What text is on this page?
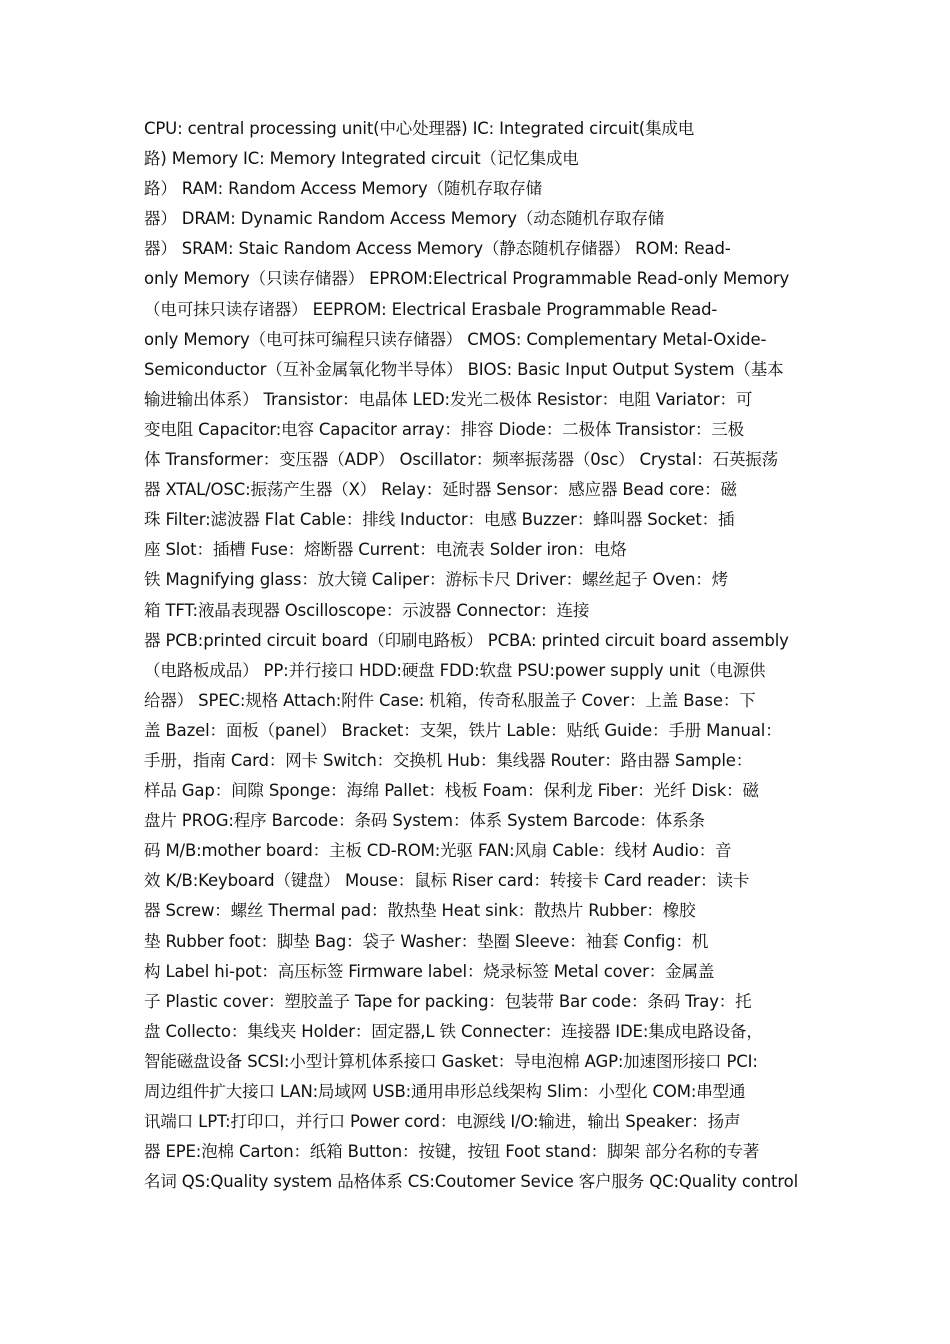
CPU: central processing unit(中心处理器) IC: Integrated circuit(集成电
路) Memory IC: Memory Integrated circuit（记忆集成电
路） RAM: Random Access Memory（随机存取存储
器） DRAM: Dynamic Random Access Memory（动态随机存取存储
器） SRAM: Staic Random Access Memory（静态随机存储器） ROM: Read-
only Memory（只读存储器） EPROM:Electrical Programmable Read-only Memory
（电可抹只读存诸器） EEPROM: Electrical Erasbale Programmable Read-
only Memory（电可抹可编程只读存储器） CMOS: Complementary Metal-Oxide-
Semiconductor（互补金属氧化物半导体） BIOS: Basic Input Output System（基本
输进输出体系） Transistor：电晶体 LED:发光二极体 Resistor：电阻 Variator：可
变电阻 Capacitor:电容 Capacitor array：排容 Diode：二极体 Transistor：三极
体 Transformer：变压器（ADP） Oscillator：频率振荡器（0sc） Crystal：石英振荡
器 XTAL/OSC:振荡产生器（X） Relay：延时器 Sensor：感应器 Bead core：磁
珠 Filter:滤波器 Flat Cable：排线 Inductor：电感 Buzzer：蜂叫器 Socket：插
座 Slot：插槽 Fuse：熔断器 Current：电流表 Solder iron：电烙
铁 Magnifying glass：放大镜 Caliper：游标卡尺 Driver：螺丝起子 Oven：烤
箱 TFT:液晶表现器 Oscilloscope：示波器 Connector：连接
器 PCB:printed circuit board（印刷电路板） PCBA: printed circuit board assembly
（电路板成品） PP:并行接口 HDD:硬盘 FDD:软盘 PSU:power supply unit（电源供
给器） SPEC:规格 Attach:附件 Case: 机箱，传奇私服盖子 Cover：上盖 Base：下
盖 Bazel：面板（panel） Bracket：支架，铁片 Lable：贴纸 Guide：手册 Manual：
手册，指南 Card：网卡 Switch：交换机 Hub：集线器 Router：路由器 Sample：
样品 Gap：间隙 Sponge：海绵 Pallet：栈板 Foam：保利龙 Fiber：光纤 Disk：磁
盘片 PROG:程序 Barcode：条码 System：体系 System Barcode：体系条
码 M/B:mother board：主板 CD-ROM:光驱 FAN:风扇 Cable：线材 Audio：音
效 K/B:Keyboard（键盘） Mouse：鼠标 Riser card：转接卡 Card reader：读卡
器 Screw：螺丝 Thermal pad：散热垫 Heat sink：散热片 Rubber：橡胶
垫 Rubber foot：脚垫 Bag：袋子 Washer：垫圈 Sleeve：袖套 Config：机
构 Label hi-pot：高压标签 Firmware label：烧录标签 Metal cover：金属盖
子 Plastic cover：塑胶盖子 Tape for packing：包装带 Bar code：条码 Tray：托
盘 Collecto：集线夹 Holder：固定器,L 铁 Connecter：连接器 IDE:集成电路设备，
智能磁盘设备 SCSI:小型计算机体系接口 Gasket：导电泡棉 AGP:加速图形接口 PCI:
周边组件扩大接口 LAN:局域网 USB:通用串形总线架构 Slim：小型化 COM:串型通
讯端口 LPT:打印口，并行口 Power cord：电源线 I/O:输进，输出 Speaker：扬声
器 EPE:泡棉 Carton：纸箱 Button：按键，按钮 Foot stand：脚架 部分名称的专著
名词 QS:Quality system 品格体系 CS:Coutomer Sevice 客户服务 QC:Quality control
